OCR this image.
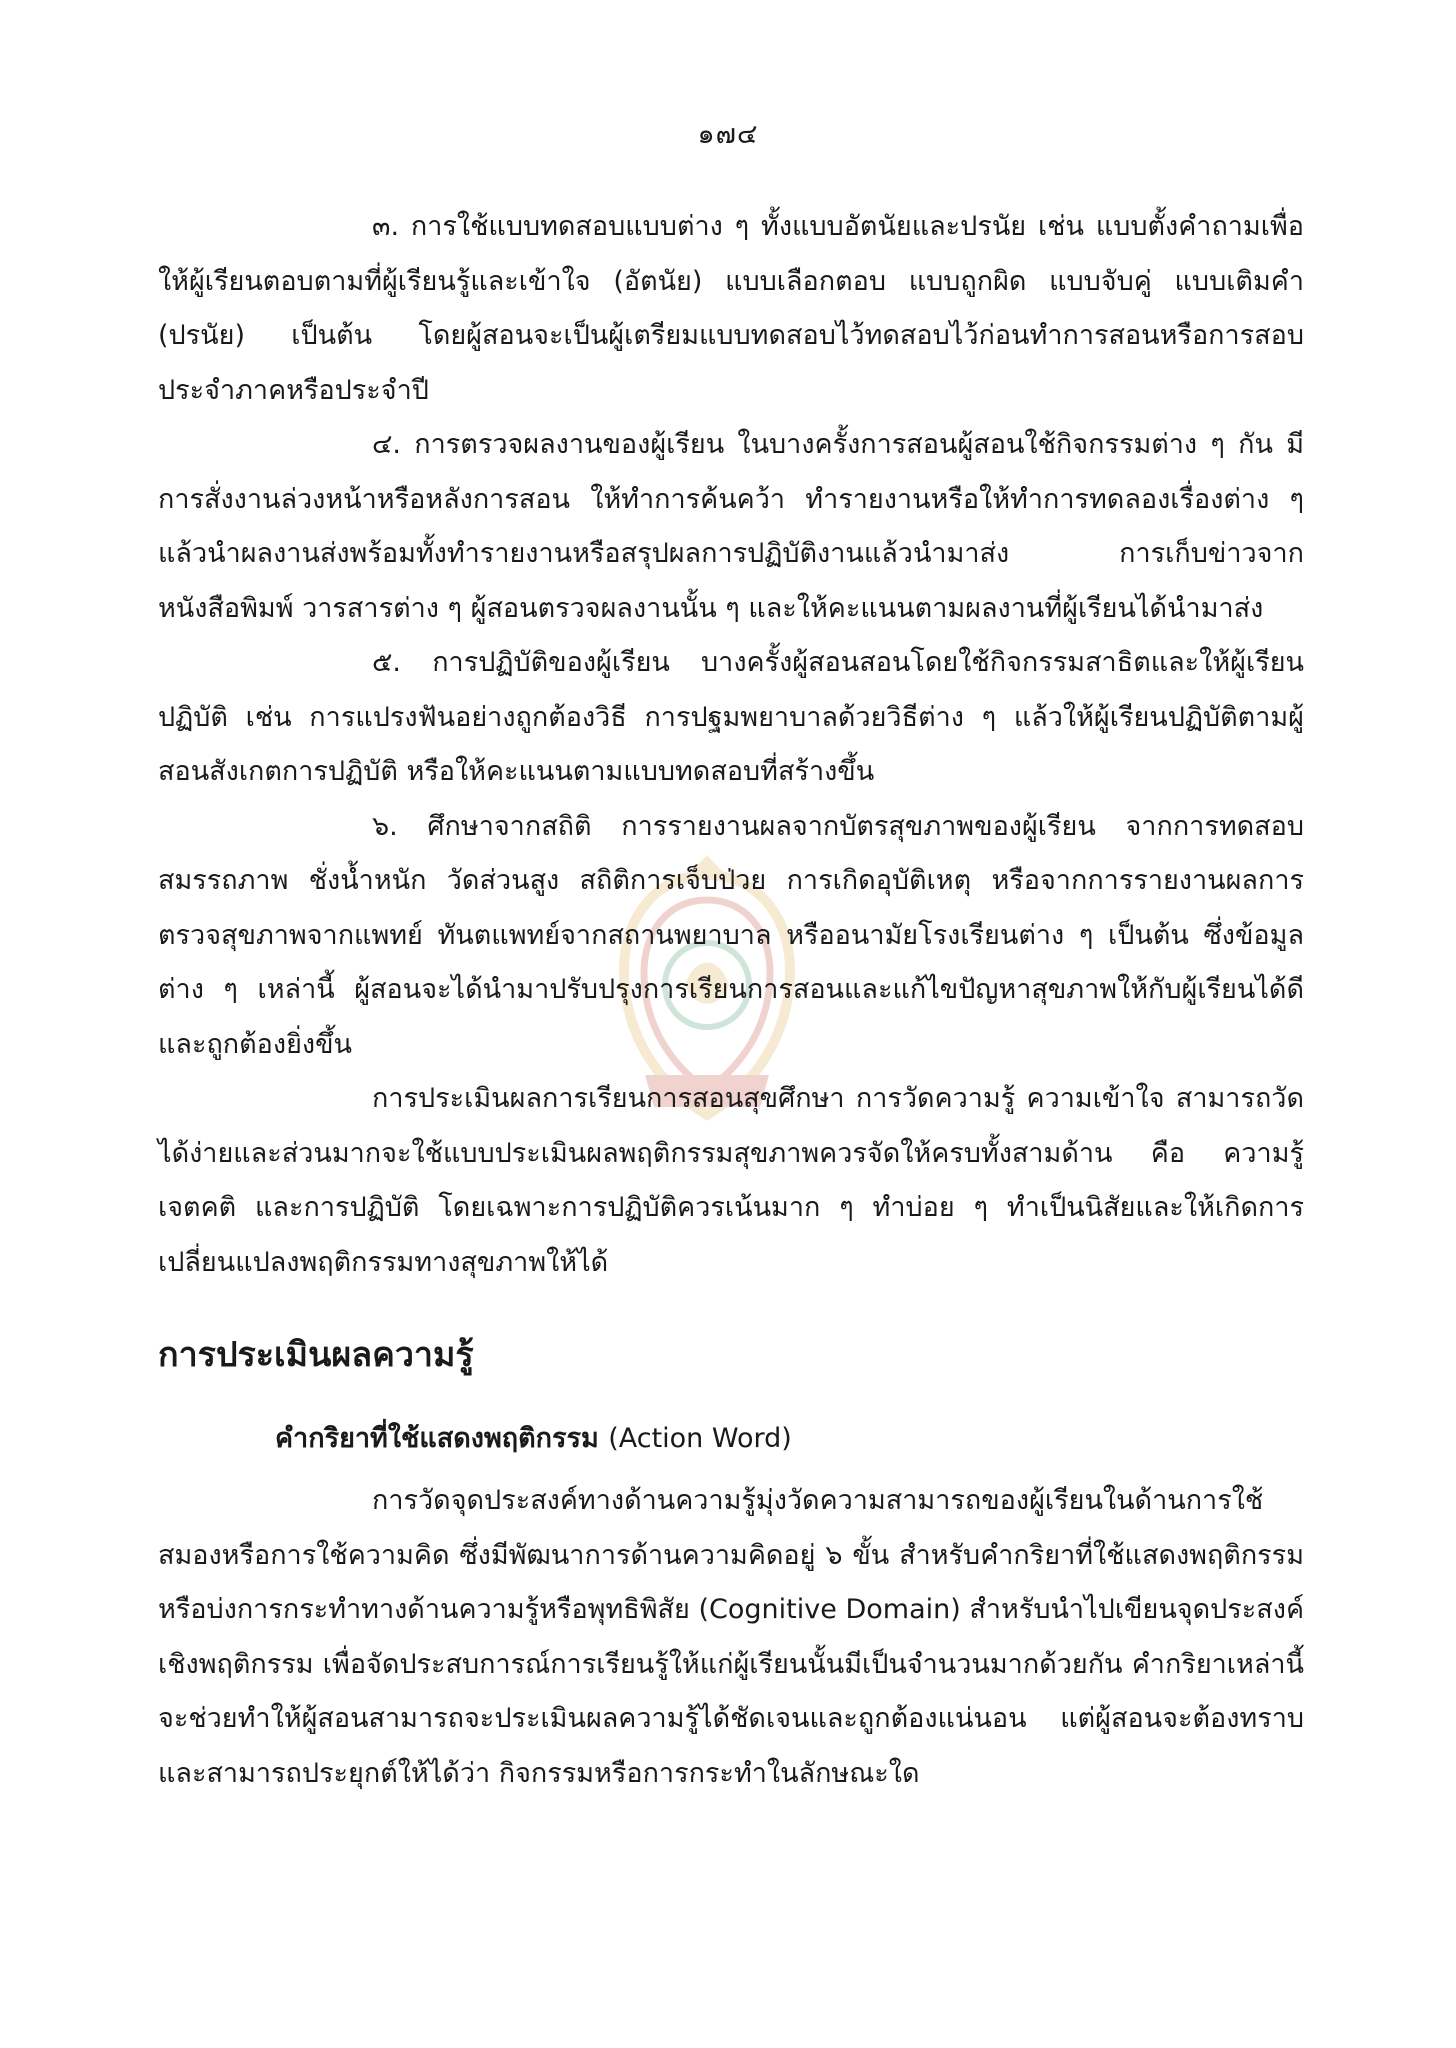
๑๗๔

๓. การใช้แบบทดสอบแบบต่าง ๆ ทั้งแบบอัตนัยและปรนัย เช่น แบบตั้งคำถามเพื่อให้ผู้เรียนตอบตามที่ผู้เรียนรู้และเข้าใจ (อัตนัย) แบบเลือกตอบ แบบถูกผิด แบบจับคู่ แบบเติมคำ (ปรนัย) เป็นต้น โดยผู้สอนจะเป็นผู้เตรียมแบบทดสอบไว้ทดสอบไว้ก่อนทำการสอนหรือการสอบประจำภาคหรือประจำปี

๔. การตรวจผลงานของผู้เรียน ในบางครั้งการสอนผู้สอนใช้กิจกรรมต่าง ๆ กัน มีการสั่งงานล่วงหน้าหรือหลังการสอน ให้ทำการค้นคว้า ทำรายงานหรือให้ทำการทดลองเรื่องต่าง ๆ แล้วนำผลงานส่งพร้อมทั้งทำรายงานหรือสรุปผลการปฏิบัติงานแล้วนำมาส่ง การเก็บข่าวจากหนังสือพิมพ์ วารสารต่าง ๆ ผู้สอนตรวจผลงานนั้น ๆ และให้คะแนนตามผลงานที่ผู้เรียนได้นำมาส่ง

๕. การปฏิบัติของผู้เรียน บางครั้งผู้สอนสอนโดยใช้กิจกรรมสาธิตและให้ผู้เรียนปฏิบัติ เช่น การแปรงฟันอย่างถูกต้องวิธี การปฐมพยาบาลด้วยวิธีต่าง ๆ แล้วให้ผู้เรียนปฏิบัติตามผู้สอนสังเกตการปฏิบัติ หรือให้คะแนนตามแบบทดสอบที่สร้างขึ้น

๖. ศึกษาจากสถิติ การรายงานผลจากบัตรสุขภาพของผู้เรียน จากการทดสอบสมรรถภาพ ชั่งน้ำหนัก วัดส่วนสูง สถิติการเจ็บป่วย การเกิดอุบัติเหตุ หรือจากการรายงานผลการตรวจสุขภาพจากแพทย์ ทันตแพทย์จากสถานพยาบาล หรืออนามัยโรงเรียนต่าง ๆ เป็นต้น ซึ่งข้อมูลต่าง ๆ เหล่านี้ ผู้สอนจะได้นำมาปรับปรุงการเรียนการสอนและแก้ไขปัญหาสุขภาพให้กับผู้เรียนได้ดีและถูกต้องยิ่งขึ้น

การประเมินผลการเรียนการสอนสุขศึกษา การวัดความรู้ ความเข้าใจ สามารถวัดได้ง่ายและส่วนมากจะใช้แบบประเมินผลพฤติกรรมสุขภาพควรจัดให้ครบทั้งสามด้าน คือ ความรู้ เจตคติ และการปฏิบัติ โดยเฉพาะการปฏิบัติควรเน้นมาก ๆ ทำบ่อย ๆ ทำเป็นนิสัยและให้เกิดการเปลี่ยนแปลงพฤติกรรมทางสุขภาพให้ได้

การประเมินผลความรู้
คำกริยาที่ใช้แสดงพฤติกรรม (Action Word)

การวัดจุดประสงค์ทางด้านความรู้มุ่งวัดความสามารถของผู้เรียนในด้านการใช้สมองหรือการใช้ความคิด ซึ่งมีพัฒนาการด้านความคิดอยู่ ๖ ขั้น สำหรับคำกริยาที่ใช้แสดงพฤติกรรมหรือบ่งการกระทำทางด้านความรู้หรือพุทธิพิสัย (Cognitive Domain) สำหรับนำไปเขียนจุดประสงค์เชิงพฤติกรรม เพื่อจัดประสบการณ์การเรียนรู้ให้แก่ผู้เรียนนั้นมีเป็นจำนวนมากด้วยกัน คำกริยาเหล่านี้จะช่วยทำให้ผู้สอนสามารถจะประเมินผลความรู้ได้ชัดเจนและถูกต้องแน่นอน แต่ผู้สอนจะต้องทราบและสามารถประยุกต์ให้ได้ว่า กิจกรรมหรือการกระทำในลักษณะใด
